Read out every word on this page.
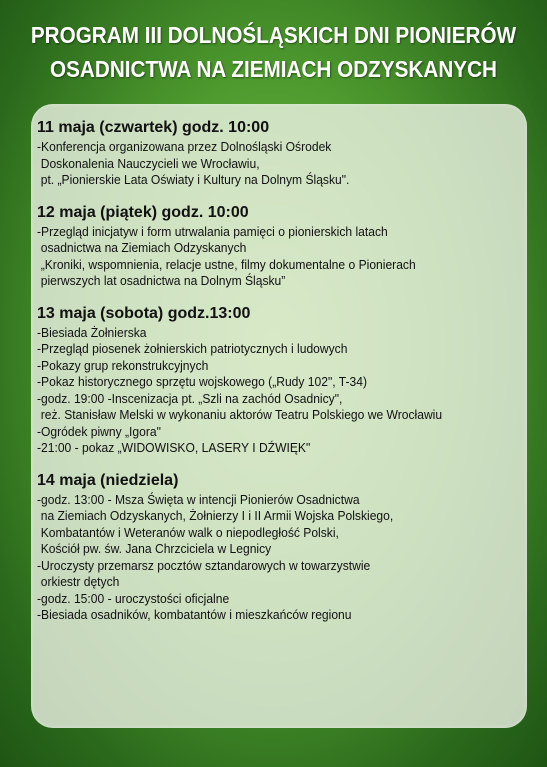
PROGRAM III DOLNOŚLĄSKICH DNI PIONIERÓW
OSADNICTWA NA ZIEMIACH ODZYSKANYCH
11 maja (czwartek) godz. 10:00
-Konferencja organizowana przez Dolnośląski Ośrodek
Doskonalenia Nauczycieli we Wrocławiu,
pt. „Pionierskie Lata Oświaty i Kultury na Dolnym Śląsku".
12 maja (piątek) godz. 10:00
-Przegląd inicjatyw i form utrwalania pamięci o pionierskich latach
osadnictwa na Ziemiach Odzyskanych
„Kroniki, wspomnienia, relacje ustne, filmy dokumentalne o Pionierach
pierwszych lat osadnictwa na Dolnym Śląsku”
13 maja (sobota) godz.13:00
-Biesiada Żołnierska
-Przegląd piosenek żołnierskich patriotycznych i ludowych
-Pokazy grup rekonstrukcyjnych
-Pokaz historycznego sprzętu wojskowego („Rudy 102", T-34)
-godz. 19:00 -Inscenizacja pt. „Szli na zachód Osadnicy",
reż. Stanisław Melski w wykonaniu aktorów Teatru Polskiego we Wrocławiu
-Ogródek piwny „Igora"
-21:00 - pokaz „WIDOWISKO, LASERY I DŹWIĘK"
14 maja (niedziela)
-godz. 13:00 - Msza Święta w intencji Pionierów Osadnictwa
na Ziemiach Odzyskanych, Żołnierzy I i II Armii Wojska Polskiego,
Kombatantów i Weteranów walk o niepodległość Polski,
Kościół pw. św. Jana Chrzciciela w Legnicy
-Uroczysty przemarsz pocztów sztandarowych w towarzystwie
orkiestr dętych
-godz. 15:00 - uroczystości oficjalne
-Biesiada osadników, kombatantów i mieszkańców regionu
